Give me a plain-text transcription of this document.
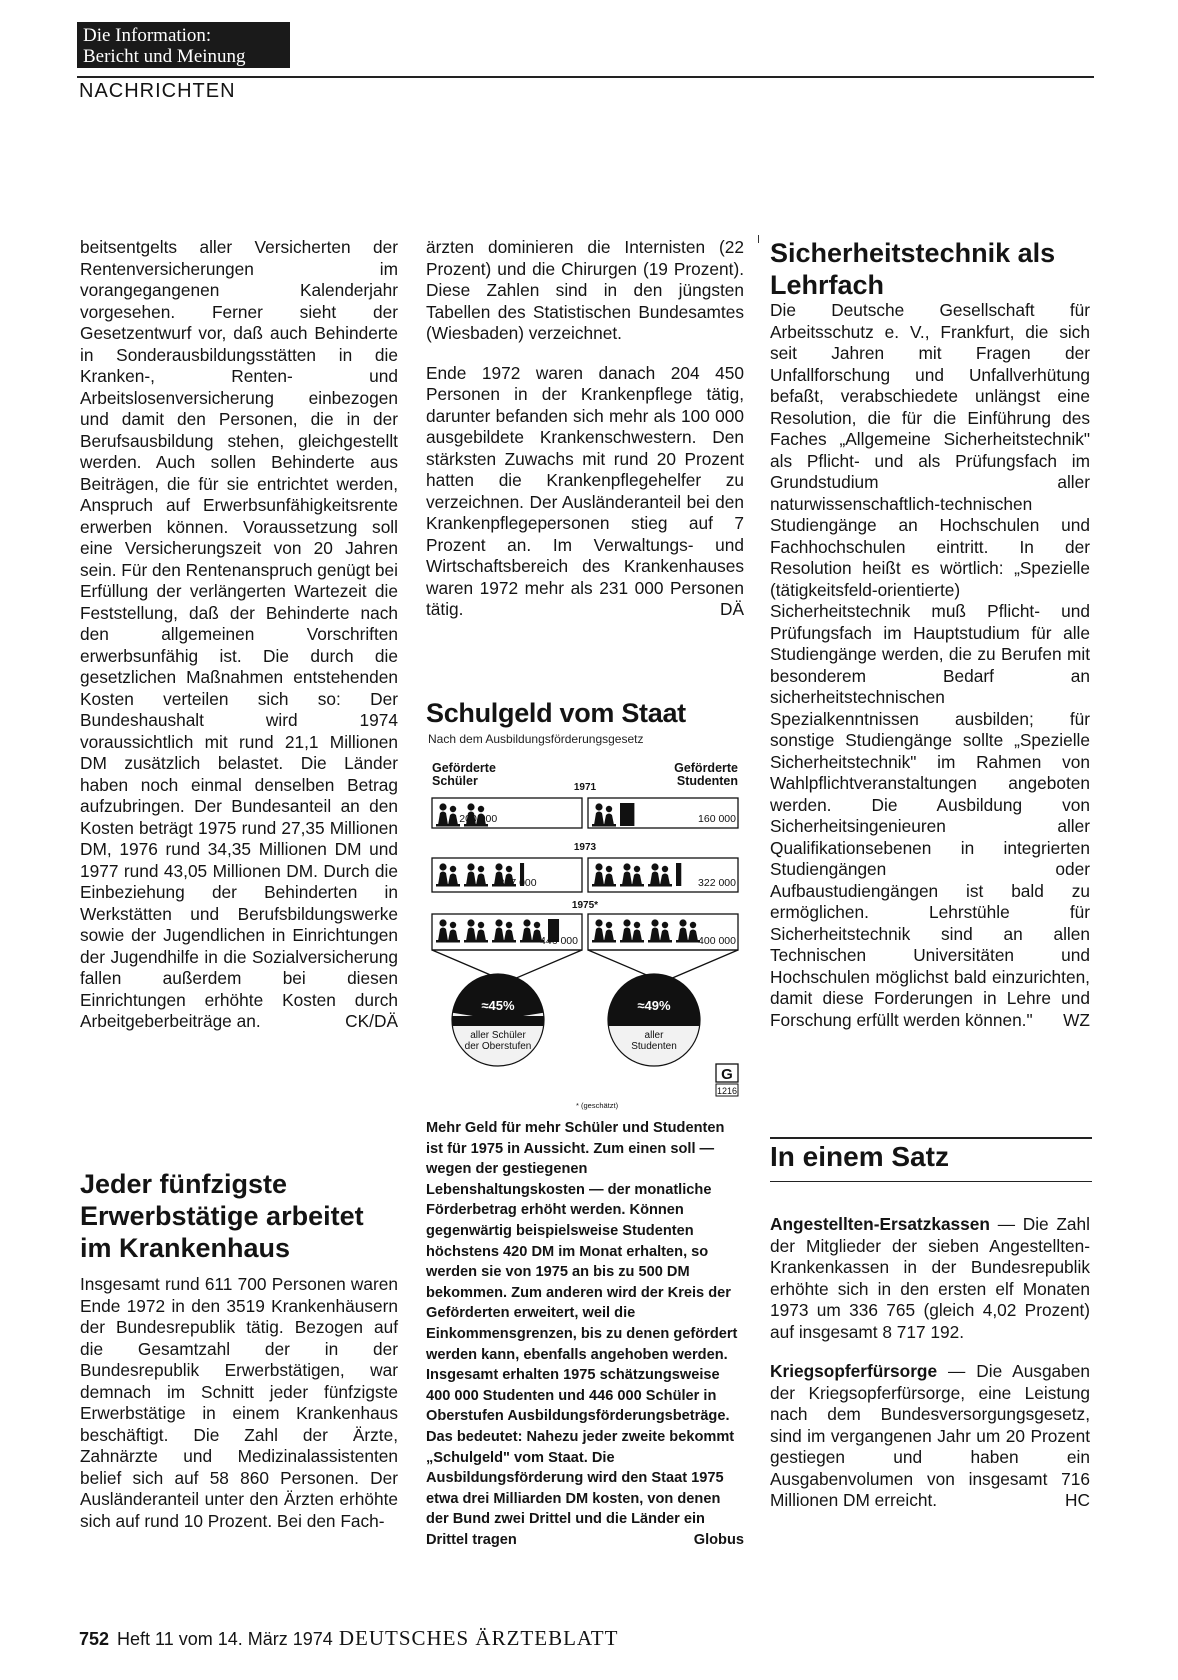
Die Information:
Bericht und Meinung
NACHRICHTEN

beitsentgelts aller Versicherten der Rentenversicherungen im vorangegangenen Kalenderjahr vorgesehen. Ferner sieht der Gesetzentwurf vor, daß auch Behinderte in Sonderausbildungsstätten in die Kranken-, Renten- und Arbeitslosenversicherung einbezogen und damit den Personen, die in der Berufsausbildung stehen, gleichgestellt werden. Auch sollen Behinderte aus Beiträgen, die für sie entrichtet werden, Anspruch auf Erwerbsunfähigkeitsrente erwerben können. Voraussetzung soll eine Versicherungszeit von 20 Jahren sein. Für den Rentenanspruch genügt bei Erfüllung der verlängerten Wartezeit die Feststellung, daß der Behinderte nach den allgemeinen Vorschriften erwerbsunfähig ist. Die durch die gesetzlichen Maßnahmen entstehenden Kosten verteilen sich so: Der Bundeshaushalt wird 1974 voraussichtlich mit rund 21,1 Millionen DM zusätzlich belastet. Die Länder haben noch einmal denselben Betrag aufzubringen. Der Bundesanteil an den Kosten beträgt 1975 rund 27,35 Millionen DM, 1976 rund 34,35 Millionen DM und 1977 rund 43,05 Millionen DM. Durch die Einbeziehung der Behinderten in Werkstätten und Berufsbildungswerke sowie der Jugendlichen in Einrichtungen der Jugendhilfe in die Sozialversicherung fallen außerdem bei diesen Einrichtungen erhöhte Kosten durch Arbeitgeberbeiträge an.	CK/DÄ

Jeder fünfzigste Erwerbstätige arbeitet im Krankenhaus

Insgesamt rund 611 700 Personen waren Ende 1972 in den 3519 Krankenhäusern der Bundesrepublik tätig. Bezogen auf die Gesamtzahl der in der Bundesrepublik Erwerbstätigen, war demnach im Schnitt jeder fünfzigste Erwerbstätige in einem Krankenhaus beschäftigt. Die Zahl der Ärzte, Zahnärzte und Medizinalassistenten belief sich auf 58 860 Personen. Der Ausländeranteil unter den Ärzten erhöhte sich auf rund 10 Prozent. Bei den Fach-

ärzten dominieren die Internisten (22 Prozent) und die Chirurgen (19 Prozent). Diese Zahlen sind in den jüngsten Tabellen des Statistischen Bundesamtes (Wiesbaden) verzeichnet.

Ende 1972 waren danach 204 450 Personen in der Krankenpflege tätig, darunter befanden sich mehr als 100 000 ausgebildete Krankenschwestern. Den stärksten Zuwachs mit rund 20 Prozent hatten die Krankenpflegehelfer zu verzeichnen. Der Ausländeranteil bei den Krankenpflegepersonen stieg auf 7 Prozent an. Im Verwaltungs- und Wirtschaftsbereich des Krankenhauses waren 1972 mehr als 231 000 Personen tätig.	DÄ

Schulgeld vom Staat
Nach dem Ausbildungsförderungsgesetz
Geförderte
Schüler
Geförderte
Studenten
1971
200 000	160 000
1973
317 000	322 000
1975*
446 000	400 000
≈45%
aller Schüler
der Oberstufen
≈49%
aller
Studenten
* (geschätzt)
G
1216
Mehr Geld für mehr Schüler und Studenten ist für 1975 in Aussicht. Zum einen soll — wegen der gestiegenen Lebenshaltungskosten — der monatliche Förderbetrag erhöht werden. Können gegenwärtig beispielsweise Studenten höchstens 420 DM im Monat erhalten, so werden sie von 1975 an bis zu 500 DM bekommen. Zum anderen wird der Kreis der Geförderten erweitert, weil die Einkommensgrenzen, bis zu denen gefördert werden kann, ebenfalls angehoben werden. Insgesamt erhalten 1975 schätzungsweise 400 000 Studenten und 446 000 Schüler in Oberstufen Ausbildungsförderungsbeträge. Das bedeutet: Nahezu jeder zweite bekommt „Schulgeld" vom Staat. Die Ausbildungsförderung wird den Staat 1975 etwa drei Milliarden DM kosten, von denen der Bund zwei Drittel und die Länder ein Drittel tragen	Globus
Sicherheitstechnik als Lehrfach

Die Deutsche Gesellschaft für Arbeitsschutz e. V., Frankfurt, die sich seit Jahren mit Fragen der Unfallforschung und Unfallverhütung befaßt, verabschiedete unlängst eine Resolution, die für die Einführung des Faches „Allgemeine Sicherheitstechnik" als Pflicht- und als Prüfungsfach im Grundstudium aller naturwissenschaftlich-technischen Studiengänge an Hochschulen und Fachhochschulen eintritt. In der Resolution heißt es wörtlich: „Spezielle (tätigkeitsfeld-orientierte) Sicherheitstechnik muß Pflicht- und Prüfungsfach im Hauptstudium für alle Studiengänge werden, die zu Berufen mit besonderem Bedarf an sicherheitstechnischen Spezialkenntnissen ausbilden; für sonstige Studiengänge sollte „Spezielle Sicherheitstechnik" im Rahmen von Wahlpflichtveranstaltungen angeboten werden. Die Ausbildung von Sicherheitsingenieuren aller Qualifikationsebenen in integrierten Studiengängen oder Aufbaustudiengängen ist bald zu ermöglichen. Lehrstühle für Sicherheitstechnik sind an allen Technischen Universitäten und Hochschulen möglichst bald einzurichten, damit diese Forderungen in Lehre und Forschung erfüllt werden können." WZ

In einem Satz

Angestellten-Ersatzkassen — Die Zahl der Mitglieder der sieben Angestellten-Krankenkassen in der Bundesrepublik erhöhte sich in den ersten elf Monaten 1973 um 336 765 (gleich 4,02 Prozent) auf insgesamt 8 717 192.

Kriegsopferfürsorge — Die Ausgaben der Kriegsopferfürsorge, eine Leistung nach dem Bundesversorgungsgesetz, sind im vergangenen Jahr um 20 Prozent gestiegen und haben ein Ausgabenvolumen von insgesamt 716 Millionen DM erreicht.	HC

752 Heft 11 vom 14. März 1974 DEUTSCHES ÄRZTEBLATT
